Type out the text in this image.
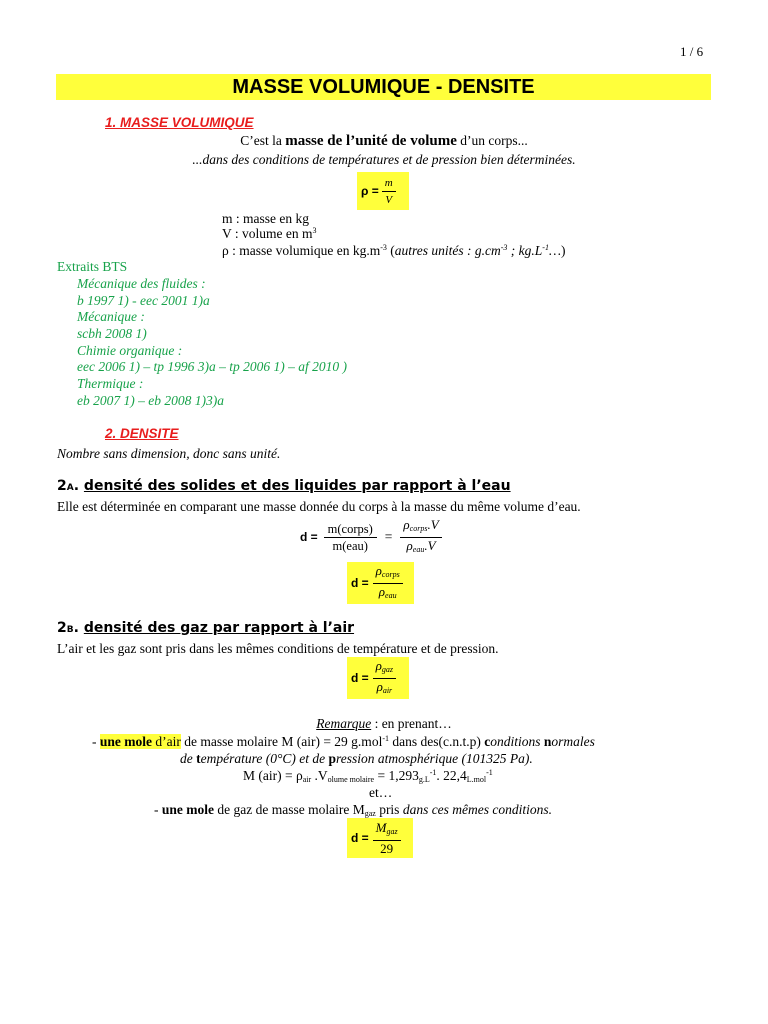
1 / 6
MASSE VOLUMIQUE - DENSITE
1. MASSE VOLUMIQUE
C’est la masse de l’unité de volume d’un corps...
...dans des conditions de températures et de pression bien déterminées.
$\rho = \frac{m}{V}$
m : masse en kg
V : volume en $m^3$
ρ : masse volumique en $kg.m^{-3}$ (autres unités : $g.cm^{-3}$ ; $kg.L^{-1}\dots$)
Extraits BTS
Mécanique des fluides :
b 1997 1) - eec 2001 1)a
Mécanique :
scbh 2008 1)
Chimie organique :
eec 2006 1) – tp 1996 3)a – tp 2006 1) – af 2010 )
Thermique :
eb 2007 1) – eb 2008 1)3)a
2. DENSITE
Nombre sans dimension, donc sans unité.
2A. densité des solides et des liquides par rapport à l’eau
Elle est déterminée en comparant une masse donnée du corps à la masse du même volume d’eau.
$d = \frac{\text{m(corps)}}{\text{m(eau)}} = \frac{\rho_{corps}.V}{\rho_{eau}.V}$
$d = \frac{\rho_{corps}}{\rho_{eau}}$
2B. densité des gaz par rapport à l’air
L’air et les gaz sont pris dans les mêmes conditions de température et de pression.
$d = \frac{\rho_{gaz}}{\rho_{air}}$
Remarque : en prenant…
- une mole d’air de masse molaire M (air) = 29 g.mol$^{-1}$ dans des(c.n.t.p) conditions normales
de température (0°C) et de pression atmosphérique (101325 Pa).
M $(air) = \rho_{air}$ $.V_{olume molaire} = 1,293_{g.L}^{-1}$. $22,4_{L.mol}^{-1}$
et…
- une mole de gaz de masse molaire $M_{gaz}$ pris dans ces mêmes conditions.
$d = \frac{M_{gaz}}{29}$
